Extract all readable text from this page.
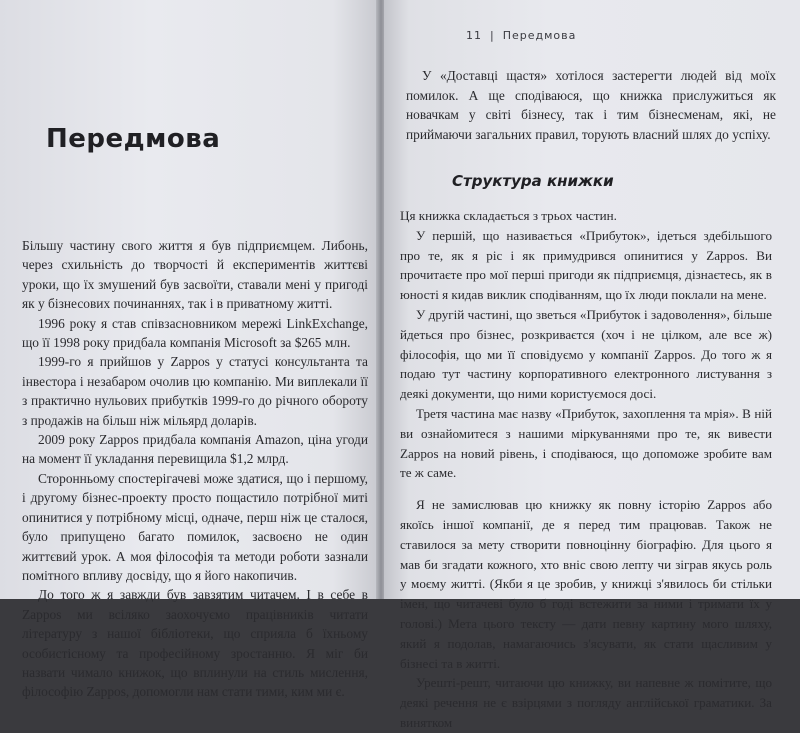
Передмова

Більшу частину свого життя я був підприємцем. Либонь, через схильність до творчості й експериментів життєві уроки, що їх змушений був засвоїти, ставали мені у пригоді як у бізнесових починаннях, так і в приватному житті.

1996 року я став співзасновником мережі LinkExchange, що її 1998 року придбала компанія Microsoft за $265 млн.

1999-го я прийшов у Zappos у статусі консультанта та інвестора і незабаром очолив цю компанію. Ми виплекали її з практично нульових прибутків 1999-го до річного обороту з продажів на більш ніж мільярд доларів.

2009 року Zappos придбала компанія Amazon, ціна угоди на момент її укладання перевищила $1,2 млрд.

Сторонньому спостерігачеві може здатися, що і першому, і другому бізнес-проекту просто пощастило потрібної миті опинитися у потрібному місці, одначе, перш ніж це сталося, було припущено багато помилок, засвоєно не один життєвий урок. А моя філософія та методи роботи зазнали помітного впливу досвіду, що я його накопичив.

До того ж я завжди був завзятим читачем. І в себе в Zappos ми всіляко заохочуємо працівників читати літературу з нашої бібліотеки, що сприяла б їхньому особистісному та професійному зростанню. Я міг би назвати чимало книжок, що вплинули на стиль мислення, філософію Zappos, допомогли нам стати тими, ким ми є.

11 | Передмова

У «Доставці щастя» хотілося застерегти людей від моїх помилок. А ще сподіваюся, що книжка прислужиться як новачкам у світі бізнесу, так і тим бізнесменам, які, не приймаючи загальних правил, торують власний шлях до успіху.

Структура книжки

Ця книжка складається з трьох частин.

У першій, що називається «Прибуток», ідеться здебільшого про те, як я ріс і як примудрився опинитися у Zappos. Ви прочитаєте про мої перші пригоди як підприємця, дізнаєтесь, як в юності я кидав виклик сподіванням, що їх люди поклали на мене.

У другій частині, що зветься «Прибуток і задоволення», більше йдеться про бізнес, розкриваєтся (хоч і не цілком, але все ж) філософія, що ми її сповідуємо у компанії Zappos. До того ж я подаю тут частину корпоративного електронного листування з деякі документи, що ними користуємося досі.

Третя частина має назву «Прибуток, захоплення та мрія». В ній ви ознайомитеся з нашими міркуваннями про те, як вивести Zappos на новий рівень, і сподіваюся, що допоможе зробите вам те ж саме.

Я не замислював цю книжку як повну історію Zappos або якоїсь іншої компанії, де я перед тим працював. Також не ставилося за мету створити повноцінну біографію. Для цього я мав би згадати кожного, хто вніс свою лепту чи зіграв якусь роль у моєму житті. (Якби я це зробив, у книжці з'явилось би стільки імен, що читачеві було б годі встежити за ними і тримати їх у голові.) Мета цього тексту — дати певну картину мого шляху, який я подолав, намагаючись з'ясувати, як стати щасливим у бізнесі та в житті.

Урешті-решт, читаючи цю книжку, ви напевне ж помітите, що деякі речення не є взірцями з погляду англійської граматики. За винятком
